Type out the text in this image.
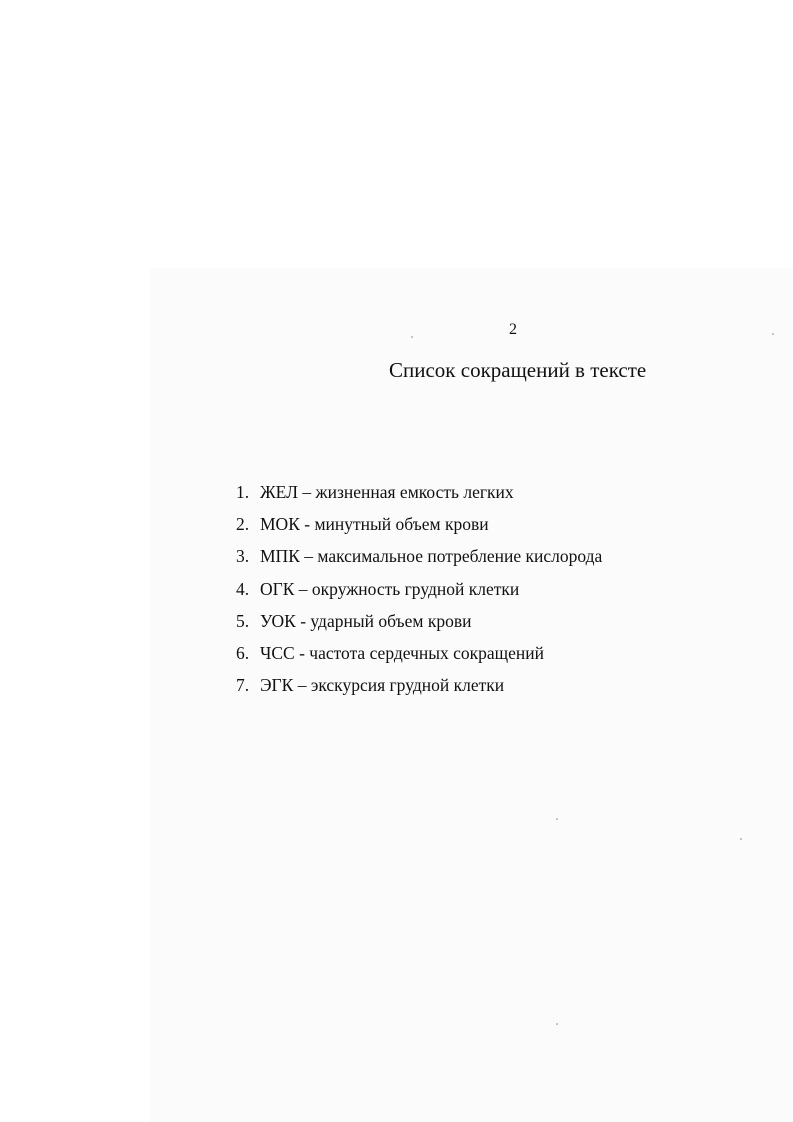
2
Список сокращений в тексте
1. ЖЕЛ – жизненная емкость легких
2. МОК - минутный объем крови
3. МПК – максимальное потребление кислорода
4. ОГК – окружность грудной клетки
5. УОК - ударный объем крови
6. ЧСС - частота сердечных сокращений
7. ЭГК – экскурсия грудной клетки
